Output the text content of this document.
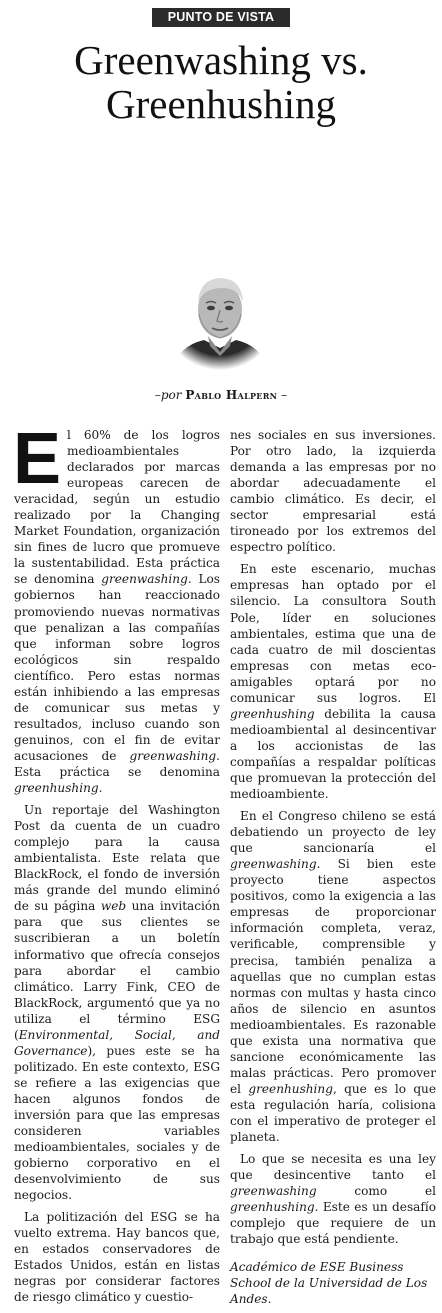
PUNTO DE VISTA
Greenwashing vs.
Greenhushing
–por Pablo Halpern –

E l 60% de los logros medioambientales declarados por marcas europeas carecen de veracidad, según un estudio realizado por la Changing Market Foundation, organización sin fines de lucro que promueve la sustentabilidad. Esta práctica se denomina greenwashing. Los gobiernos han reaccionado promoviendo nuevas normativas que penalizan a las compañías que informan sobre logros ecológicos sin respaldo científico. Pero estas normas están inhibiendo a las empresas de comunicar sus metas y resultados, incluso cuando son genuinos, con el fin de evitar acusaciones de greenwashing. Esta práctica se denomina greenhushing.

Un reportaje del Washington Post da cuenta de un cuadro complejo para la causa ambientalista. Este relata que BlackRock, el fondo de inversión más grande del mundo eliminó de su página web una invitación para que sus clientes se suscribieran a un boletín informativo que ofrecía consejos para abordar el cambio climático. Larry Fink, CEO de BlackRock, argumentó que ya no utiliza el término ESG (Environmental, Social, and Governance), pues este se ha politizado. En este contexto, ESG se refiere a las exigencias que hacen algunos fondos de inversión para que las empresas consideren variables medioambientales, sociales y de gobierno corporativo en el desenvolvimiento de sus negocios.

La politización del ESG se ha vuelto extrema. Hay bancos que, en estados conservadores de Estados Unidos, están en listas negras por considerar factores de riesgo climático y cuestio-

nes sociales en sus inversiones. Por otro lado, la izquierda demanda a las empresas por no abordar adecuadamente el cambio climático. Es decir, el sector empresarial está tironeado por los extremos del espectro político.

En este escenario, muchas empresas han optado por el silencio. La consultora South Pole, líder en soluciones ambientales, estima que una de cada cuatro de mil doscientas empresas con metas eco-amigables optará por no comunicar sus logros. El greenhushing debilita la causa medioambiental al desincentivar a los accionistas de las compañías a respaldar políticas que promuevan la protección del medioambiente.

En el Congreso chileno se está debatiendo un proyecto de ley que sancionaría el greenwashing. Si bien este proyecto tiene aspectos positivos, como la exigencia a las empresas de proporcionar información completa, veraz, verificable, comprensible y precisa, también penaliza a aquellas que no cumplan estas normas con multas y hasta cinco años de silencio en asuntos medioambientales. Es razonable que exista una normativa que sancione económicamente las malas prácticas. Pero promover el greenhushing, que es lo que esta regulación haría, colisiona con el imperativo de proteger el planeta.

Lo que se necesita es una ley que desincentive tanto el greenwashing como el greenhushing. Este es un desafío complejo que requiere de un trabajo que está pendiente.

Académico de ESE Business School de la Universidad de Los Andes.
